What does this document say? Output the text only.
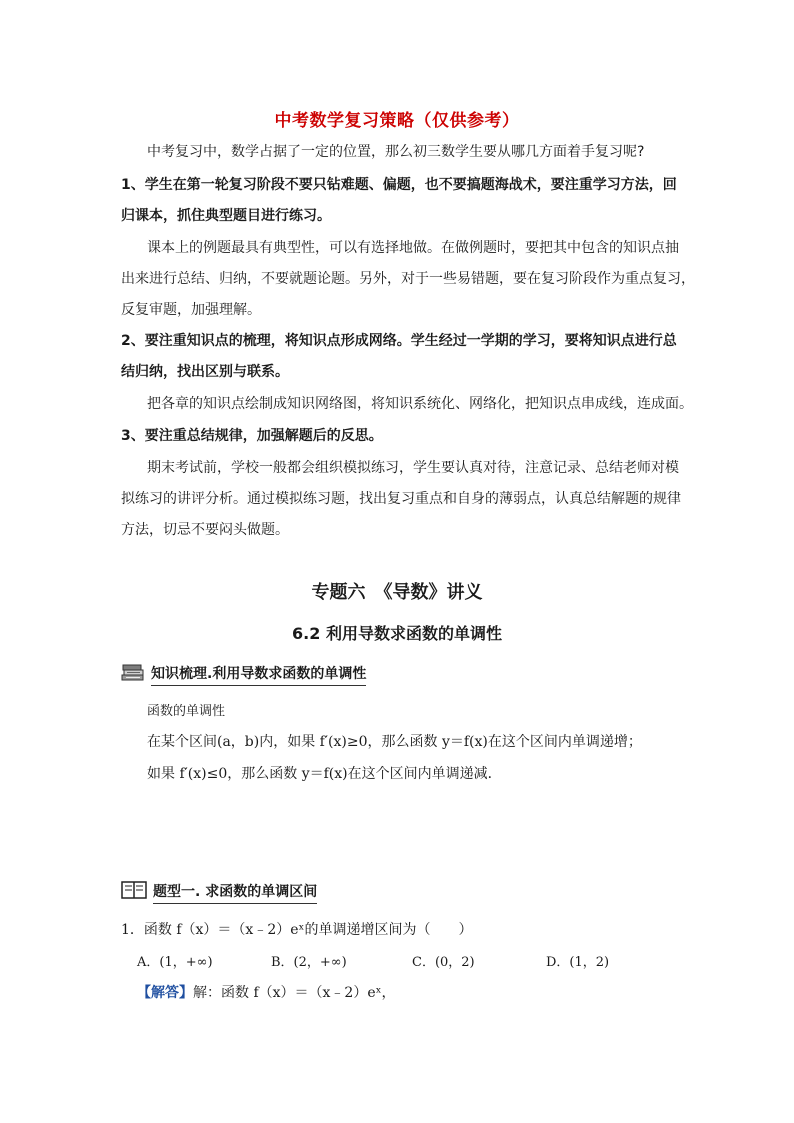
中考数学复习策略（仅供参考）
中考复习中，数学占据了一定的位置，那么初三数学生要从哪几方面着手复习呢?
1、学生在第一轮复习阶段不要只钻难题、偏题，也不要搞题海战术，要注重学习方法，回
归课本，抓住典型题目进行练习。
课本上的例题最具有典型性，可以有选择地做。在做例题时，要把其中包含的知识点抽
出来进行总结、归纳，不要就题论题。另外，对于一些易错题，要在复习阶段作为重点复习，
反复审题，加强理解。
2、要注重知识点的梳理，将知识点形成网络。学生经过一学期的学习，要将知识点进行总
结归纳，找出区别与联系。
把各章的知识点绘制成知识网络图，将知识系统化、网络化，把知识点串成线，连成面。
3、要注重总结规律，加强解题后的反思。
期末考试前，学校一般都会组织模拟练习，学生要认真对待，注意记录、总结老师对模
拟练习的讲评分析。通过模拟练习题，找出复习重点和自身的薄弱点，认真总结解题的规律
方法，切忌不要闷头做题。
专题六　《导数》讲义
6.2 利用导数求函数的单调性
知识梳理.利用导数求函数的单调性
函数的单调性
在某个区间(a，b)内，如果 f′(x)≥0，那么函数 y＝f(x)在这个区间内单调递增；
如果 f′(x)≤0，那么函数 y＝f(x)在这个区间内单调递减．
题型一. 求函数的单调区间
1．函数 f（x）＝（x﹣2）eˣ的单调递增区间为（　　）
A．(1，+∞)	B．(2，+∞)	C．(0，2)	D．(1，2)
【解答】解：函数 f（x）＝（x﹣2）eˣ，
